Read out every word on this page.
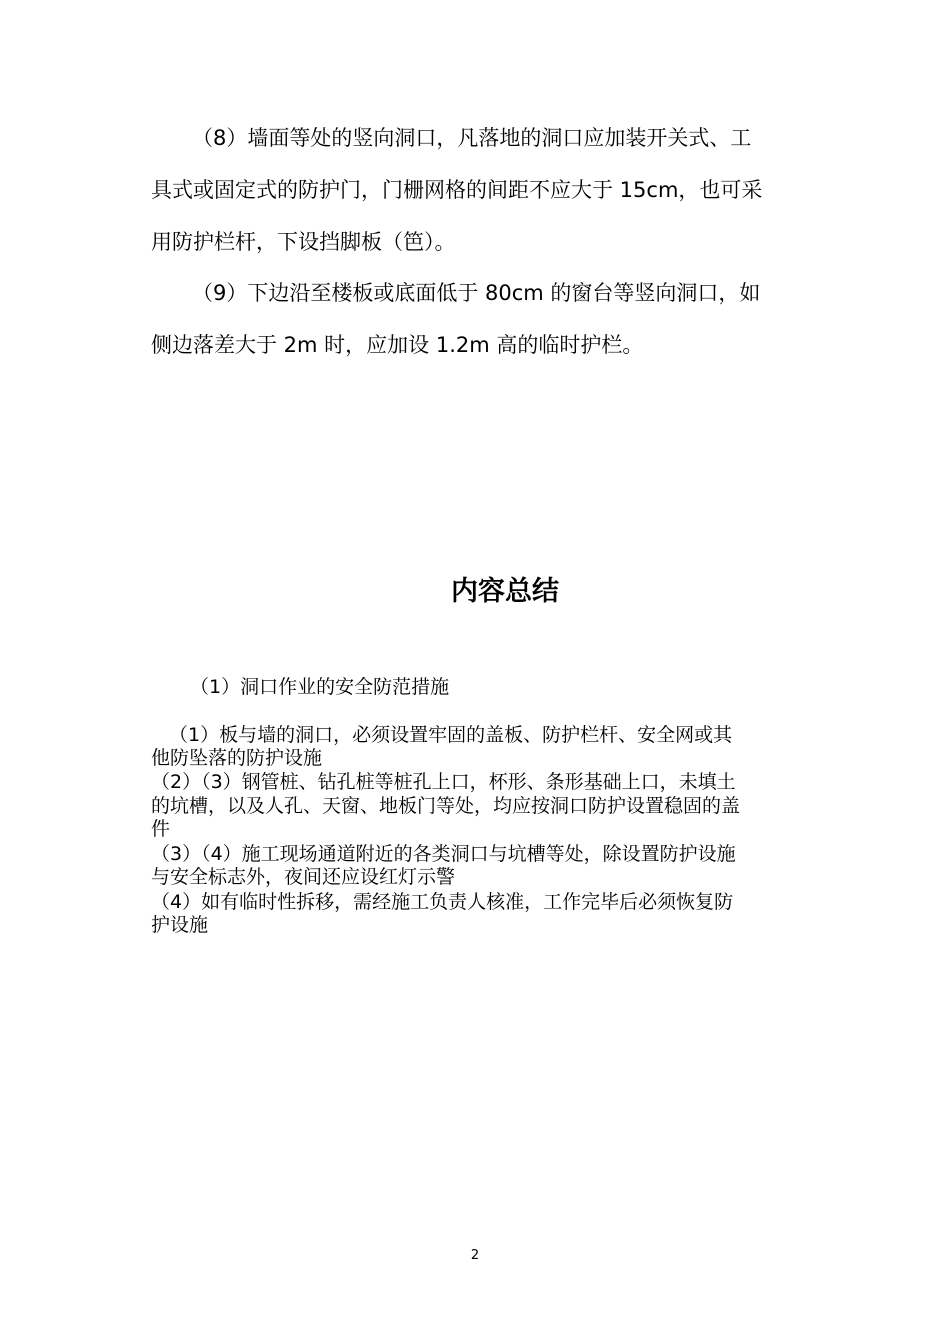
（8）墙面等处的竖向洞口，凡落地的洞口应加装开关式、工

具式或固定式的防护门，门栅网格的间距不应大于 15cm，也可采

用防护栏杆，下设挡脚板（笆）。

（9）下边沿至楼板或底面低于 80cm 的窗台等竖向洞口，如

侧边落差大于 2m 时，应加设 1.2m 高的临时护栏。

内容总结

（1）洞口作业的安全防范措施

（1）板与墙的洞口，必须设置牢固的盖板、防护栏杆、安全网或其

他防坠落的防护设施

（2）（3）钢管桩、钻孔桩等桩孔上口，杯形、条形基础上口，未填土

的坑槽，以及人孔、天窗、地板门等处，均应按洞口防护设置稳固的盖

件

（3）（4）施工现场通道附近的各类洞口与坑槽等处，除设置防护设施

与安全标志外，夜间还应设红灯示警

（4）如有临时性拆移，需经施工负责人核准，工作完毕后必须恢复防

护设施

2
